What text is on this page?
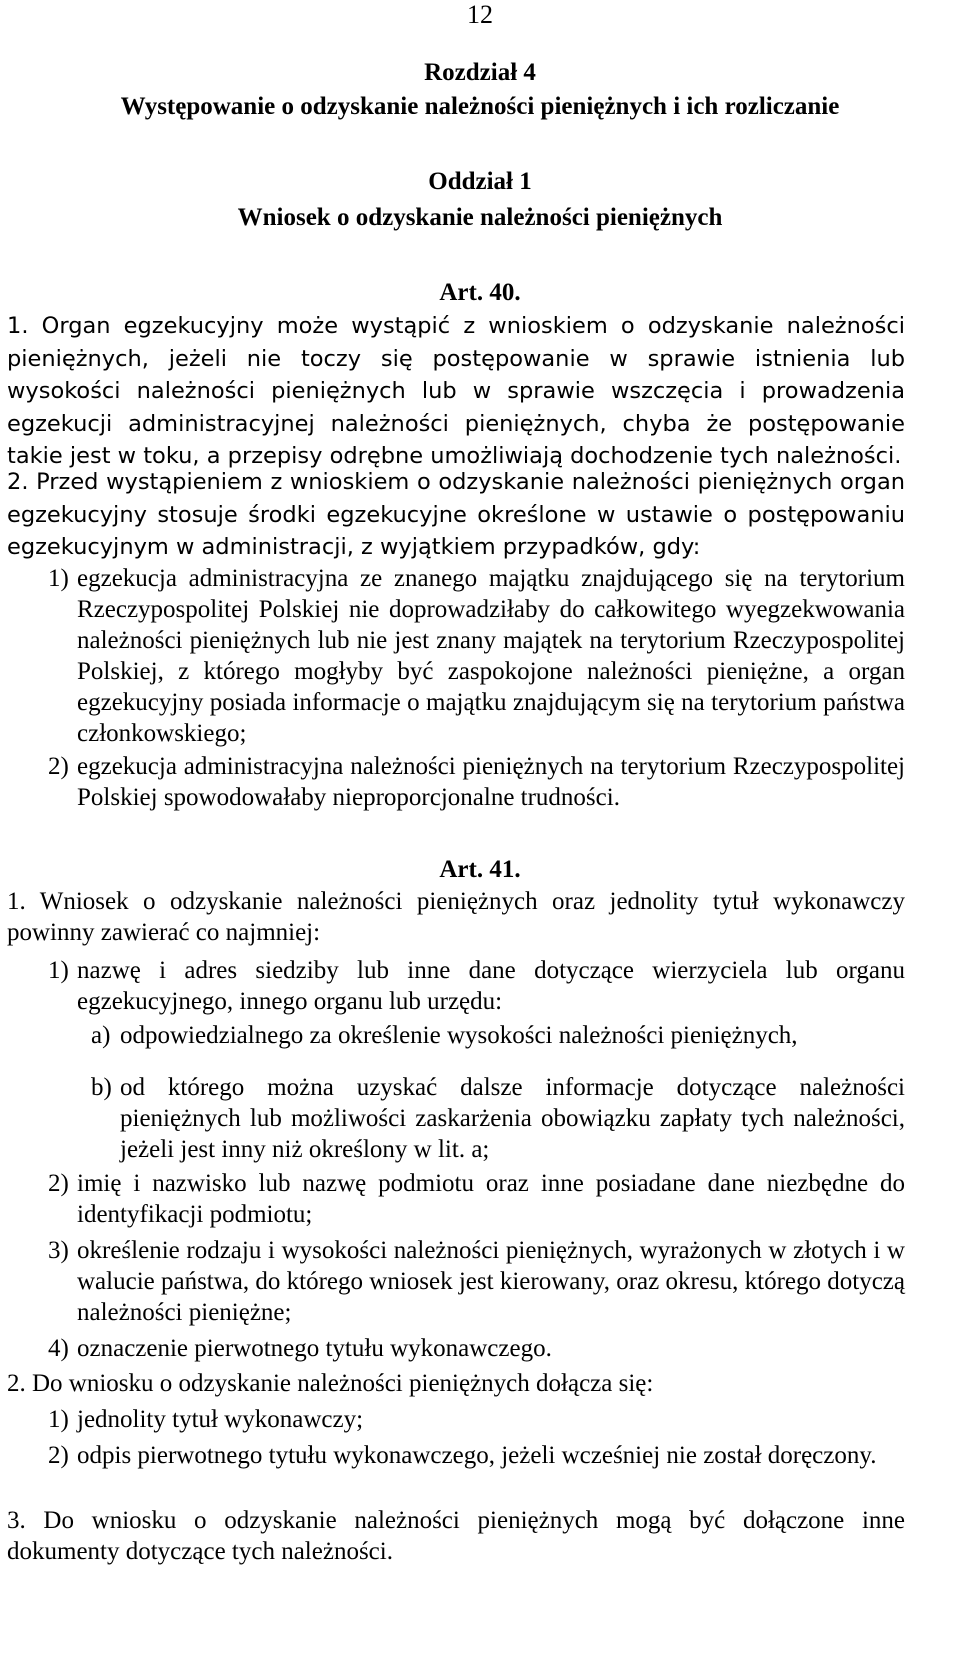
12
Rozdział 4
Występowanie o odzyskanie należności pieniężnych i ich rozliczanie
Oddział 1
Wniosek o odzyskanie należności pieniężnych
Art. 40.
1. Organ egzekucyjny może wystąpić z wnioskiem o odzyskanie należności pieniężnych, jeżeli nie toczy się postępowanie w sprawie istnienia lub wysokości należności pieniężnych lub w sprawie wszczęcia i prowadzenia egzekucji administracyjnej należności pieniężnych, chyba że postępowanie takie jest w toku, a przepisy odrębne umożliwiają dochodzenie tych należności.
2. Przed wystąpieniem z wnioskiem o odzyskanie należności pieniężnych organ egzekucyjny stosuje środki egzekucyjne określone w ustawie o postępowaniu egzekucyjnym w administracji, z wyjątkiem przypadków, gdy:
1) egzekucja administracyjna ze znanego majątku znajdującego się na terytorium Rzeczypospolitej Polskiej nie doprowadziłaby do całkowitego wyegzekwowania należności pieniężnych lub nie jest znany majątek na terytorium Rzeczypospolitej Polskiej, z którego mogłyby być zaspokojone należności pieniężne, a organ egzekucyjny posiada informacje o majątku znajdującym się na terytorium państwa członkowskiego;
2) egzekucja administracyjna należności pieniężnych na terytorium Rzeczypospolitej Polskiej spowodowałaby nieproporcjonalne trudności.
Art. 41.
1. Wniosek o odzyskanie należności pieniężnych oraz jednolity tytuł wykonawczy powinny zawierać co najmniej:
1) nazwę i adres siedziby lub inne dane dotyczące wierzyciela lub organu egzekucyjnego, innego organu lub urzędu:
a) odpowiedzialnego za określenie wysokości należności pieniężnych,
b) od którego można uzyskać dalsze informacje dotyczące należności pieniężnych lub możliwości zaskarżenia obowiązku zapłaty tych należności, jeżeli jest inny niż określony w lit. a;
2) imię i nazwisko lub nazwę podmiotu oraz inne posiadane dane niezbędne do identyfikacji podmiotu;
3) określenie rodzaju i wysokości należności pieniężnych, wyrażonych w złotych i w walucie państwa, do którego wniosek jest kierowany, oraz okresu, którego dotyczą należności pieniężne;
4) oznaczenie pierwotnego tytułu wykonawczego.
2. Do wniosku o odzyskanie należności pieniężnych dołącza się:
1) jednolity tytuł wykonawczy;
2) odpis pierwotnego tytułu wykonawczego, jeżeli wcześniej nie został doręczony.
3. Do wniosku o odzyskanie należności pieniężnych mogą być dołączone inne dokumenty dotyczące tych należności.
